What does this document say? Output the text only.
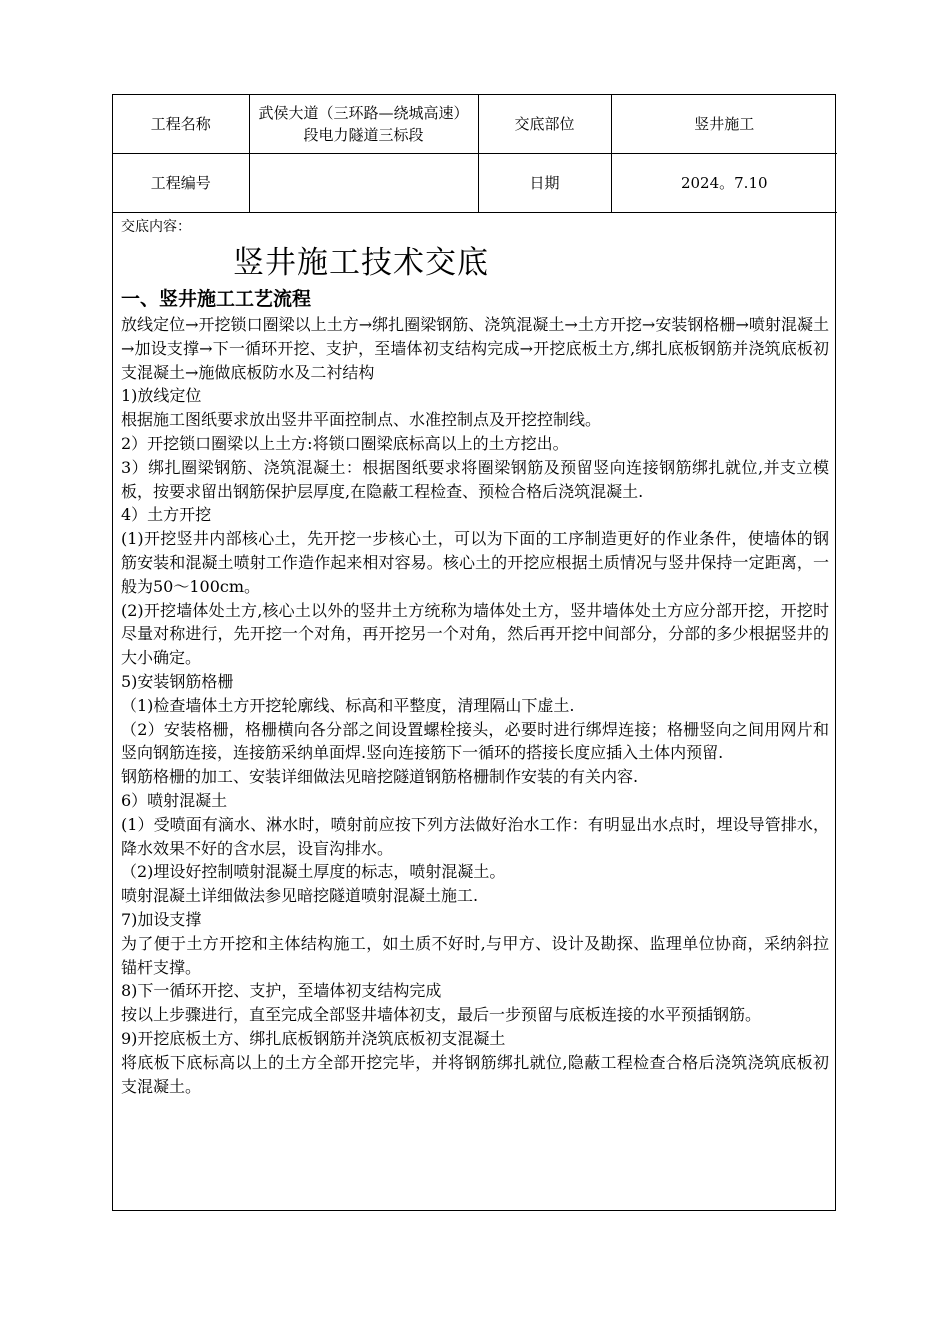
工程名称	武侯大道（三环路—绕城高速）段电力隧道三标段	交底部位	竖井施工
工程编号		日期	2024。7.10
交底内容：
竖井施工技术交底
一、竖井施工工艺流程

放线定位→开挖锁口圈梁以上土方→绑扎圈梁钢筋、浇筑混凝土→土方开挖→安装钢格栅→喷射混凝土→加设支撑→下一循环开挖、支护，至墙体初支结构完成→开挖底板土方,绑扎底板钢筋并浇筑底板初支混凝土→施做底板防水及二衬结构

1)放线定位

根据施工图纸要求放出竖井平面控制点、水准控制点及开挖控制线。

2）开挖锁口圈梁以上土方:将锁口圈梁底标高以上的土方挖出。

3）绑扎圈梁钢筋、浇筑混凝土：根据图纸要求将圈梁钢筋及预留竖向连接钢筋绑扎就位,并支立模板，按要求留出钢筋保护层厚度,在隐蔽工程检查、预检合格后浇筑混凝土.

4）土方开挖

(1)开挖竖井内部核心土，先开挖一步核心土，可以为下面的工序制造更好的作业条件，使墙体的钢筋安装和混凝土喷射工作造作起来相对容易。核心土的开挖应根据土质情况与竖井保持一定距离，一般为50～100cm。

(2)开挖墙体处土方,核心土以外的竖井土方统称为墙体处土方，竖井墙体处土方应分部开挖，开挖时尽量对称进行，先开挖一个对角，再开挖另一个对角，然后再开挖中间部分，分部的多少根据竖井的大小确定。

5)安装钢筋格栅

（1)检查墙体土方开挖轮廓线、标高和平整度，清理隔山下虚土.

（2）安装格栅，格栅横向各分部之间设置螺栓接头，必要时进行绑焊连接；格栅竖向之间用网片和竖向钢筋连接，连接筋采纳单面焊.竖向连接筋下一循环的搭接长度应插入土体内预留.

钢筋格栅的加工、安装详细做法见暗挖隧道钢筋格栅制作安装的有关内容.

6）喷射混凝土

(1）受喷面有滴水、淋水时，喷射前应按下列方法做好治水工作：有明显出水点时，埋设导管排水，降水效果不好的含水层，设盲沟排水。

（2)埋设好控制喷射混凝土厚度的标志，喷射混凝土。

喷射混凝土详细做法参见暗挖隧道喷射混凝土施工.

7)加设支撑

为了便于土方开挖和主体结构施工，如土质不好时,与甲方、设计及勘探、监理单位协商，采纳斜拉锚杆支撑。

8)下一循环开挖、支护，至墙体初支结构完成

按以上步骤进行，直至完成全部竖井墙体初支，最后一步预留与底板连接的水平预插钢筋。

9)开挖底板土方、绑扎底板钢筋并浇筑底板初支混凝土

将底板下底标高以上的土方全部开挖完毕，并将钢筋绑扎就位,隐蔽工程检查合格后浇筑浇筑底板初支混凝土。
